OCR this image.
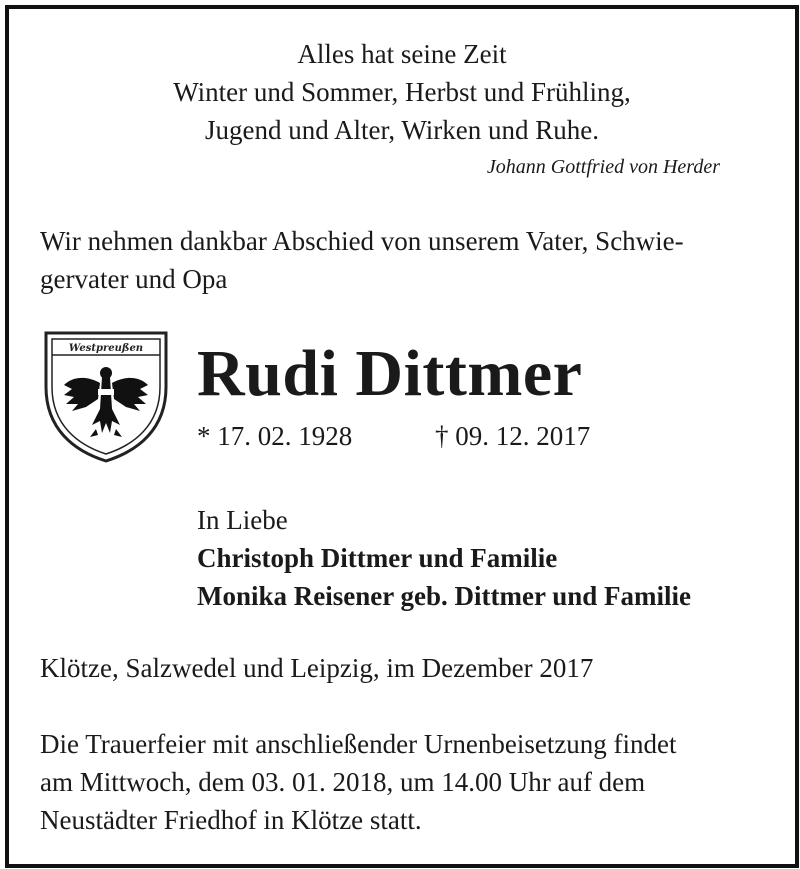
Alles hat seine Zeit
Winter und Sommer, Herbst und Frühling,
Jugend und Alter, Wirken und Ruhe.
Johann Gottfried von Herder
Wir nehmen dankbar Abschied von unserem Vater, Schwie-
gervater und Opa
Westpreußen Rudi Dittmer
* 17. 02. 1928	† 09. 12. 2017
In Liebe
Christoph Dittmer und Familie
Monika Reisener geb. Dittmer und Familie
Klötze, Salzwedel und Leipzig, im Dezember 2017
Die Trauerfeier mit anschließender Urnenbeisetzung findet
am Mittwoch, dem 03. 01. 2018, um 14.00 Uhr auf dem
Neustädter Friedhof in Klötze statt.
